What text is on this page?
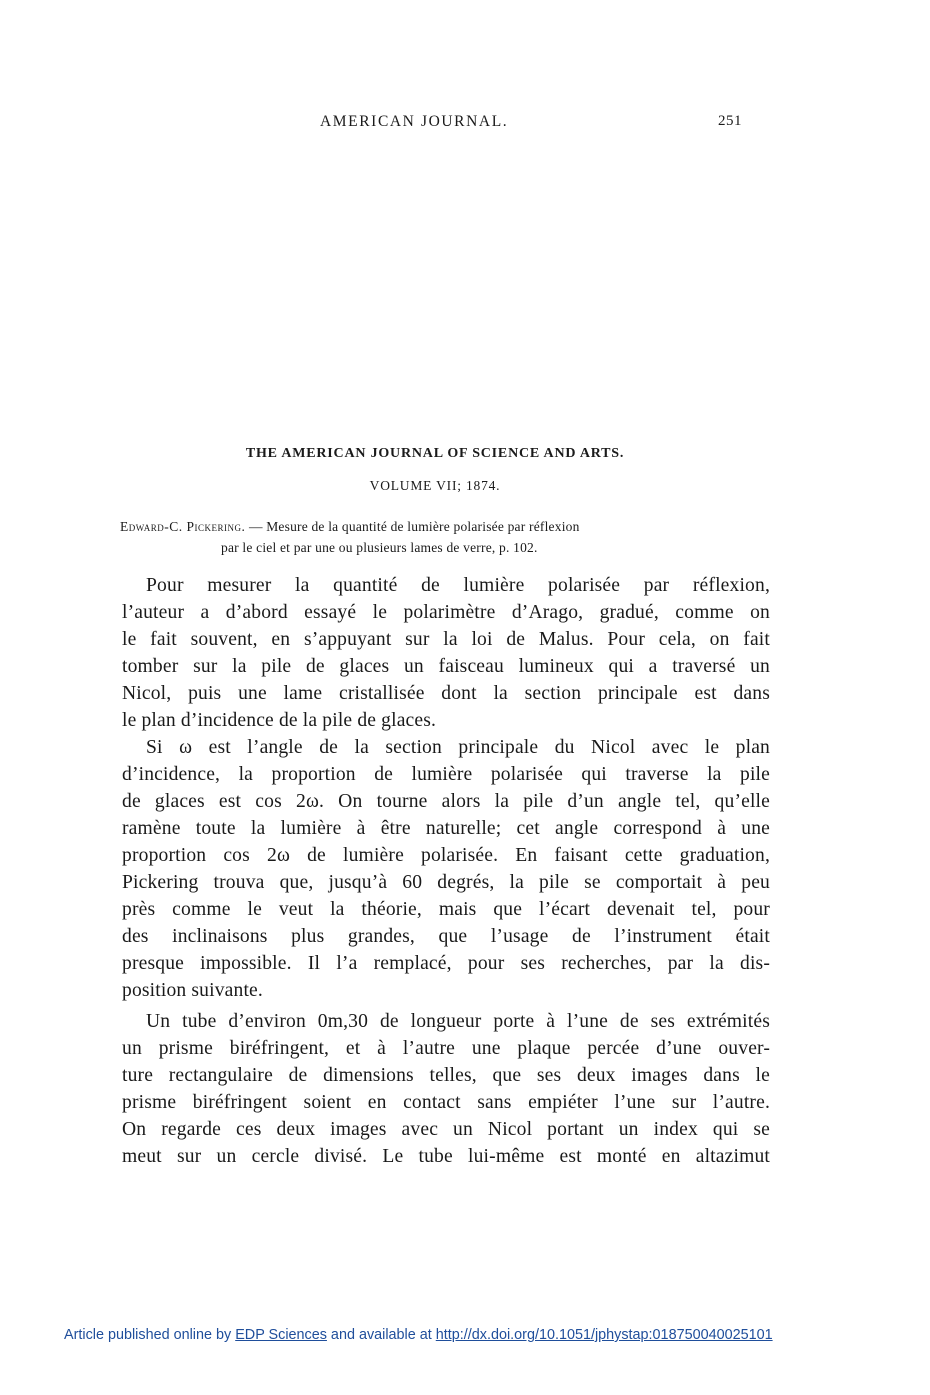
AMERICAN JOURNAL.	251
THE AMERICAN JOURNAL OF SCIENCE AND ARTS.
VOLUME VII; 1874.
Edward-C. Pickering. — Mesure de la quantité de lumière polarisée par réflexion
par le ciel et par une ou plusieurs lames de verre, p. 102.
Pour mesurer la quantité de lumière polarisée par réflexion,
l’auteur a d’abord essayé le polarimètre d’Arago, gradué, comme on
le fait souvent, en s’appuyant sur la loi de Malus. Pour cela, on fait
tomber sur la pile de glaces un faisceau lumineux qui a traversé un
Nicol, puis une lame cristallisée dont la section principale est dans
le plan d’incidence de la pile de glaces.
Si ω est l’angle de la section principale du Nicol avec le plan
d’incidence, la proportion de lumière polarisée qui traverse la pile
de glaces est cos 2ω. On tourne alors la pile d’un angle tel, qu’elle
ramène toute la lumière à être naturelle; cet angle correspond à une
proportion cos 2ω de lumière polarisée. En faisant cette graduation,
Pickering trouva que, jusqu’à 60 degrés, la pile se comportait à peu
près comme le veut la théorie, mais que l’écart devenait tel, pour
des inclinaisons plus grandes, que l’usage de l’instrument était
presque impossible. Il l’a remplacé, pour ses recherches, par la dis-
position suivante.
Un tube d’environ 0m,30 de longueur porte à l’une de ses extrémités
un prisme biréfringent, et à l’autre une plaque percée d’une ouver-
ture rectangulaire de dimensions telles, que ses deux images dans le
prisme biréfringent soient en contact sans empiéter l’une sur l’autre.
On regarde ces deux images avec un Nicol portant un index qui se
meut sur un cercle divisé. Le tube lui-même est monté en altazimut
Article published online by EDP Sciences and available at http://dx.doi.org/10.1051/jphystap:018750040025101
